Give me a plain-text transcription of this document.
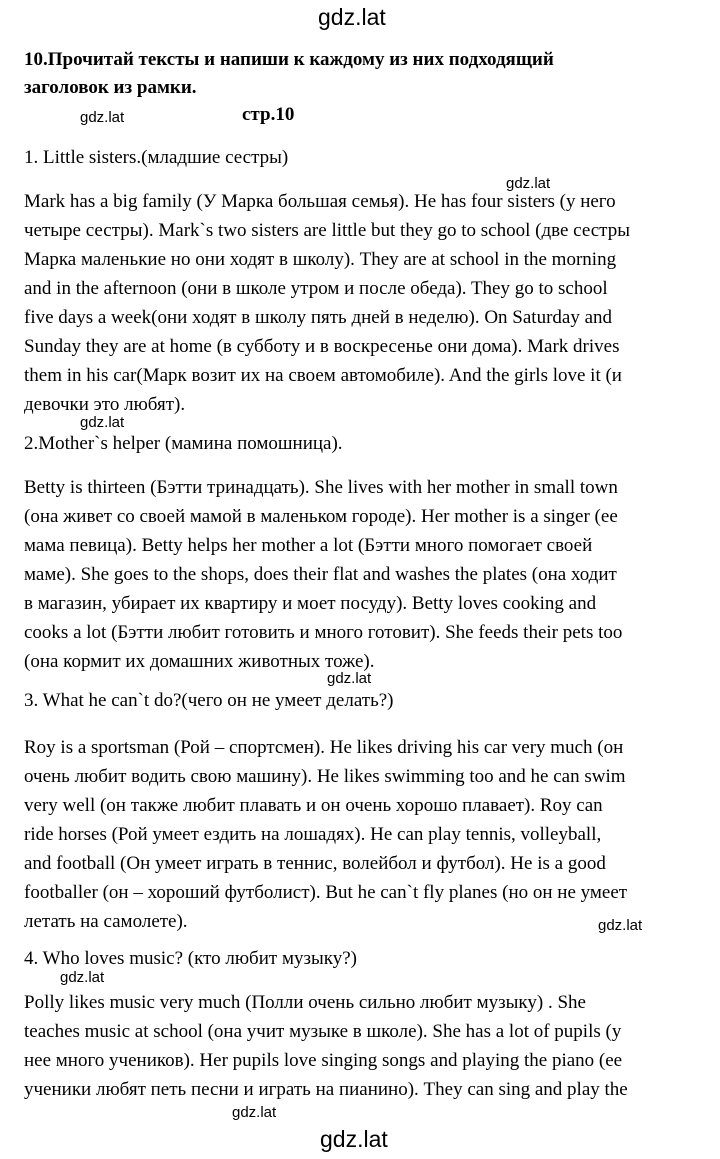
gdz.lat
gdz.lat
gdz.lat
gdz.lat
gdz.lat
gdz.lat
gdz.lat
gdz.lat
gdz.lat
10.Прочитай тексты и напиши к каждому из них подходящий
заголовок из рамки.
стр.10
1. Little sisters.(младшие сестры)
Mark has a big family (У Марка большая семья). He has four sisters (у него
четыре сестры). Mark`s two sisters are little but they go to school (две сестры
Марка маленькие но они ходят в школу). They are at school in the morning
and in the afternoon (они в школе утром и после обеда). They go to school
five days a week(они ходят в школу пять дней в неделю). On Saturday and
Sunday they are at home (в субботу и в воскресенье они дома). Mark drives
them in his car(Марк возит их на своем автомобиле). And the girls love it (и
девочки это любят).
2.Mother`s helper (мамина помошница).
Betty is thirteen (Бэтти тринадцать). She lives with her mother in small town
(она живет со своей мамой в маленьком городе). Her mother is a singer (ее
мама певица). Betty helps her mother a lot (Бэтти много помогает своей
маме). She goes to the shops, does their flat and washes the plates (она ходит
в магазин, убирает их квартиру и моет посуду). Betty loves cooking and
cooks a lot (Бэтти любит готовить и много готовит). She feeds their pets too
(она кормит их домашних животных тоже).
3. What he can`t do?(чего он не умеет делать?)
Roy is a sportsman (Рой – спортсмен). He likes driving his car very much (он
очень любит водить свою машину). He likes swimming too and he can swim
very well (он также любит плавать и он очень хорошо плавает). Roy can
ride horses (Рой умеет ездить на лошадях). He can play tennis, volleyball,
and football (Он умеет играть в теннис, волейбол и футбол). He is a good
footballer (он – хороший футболист). But he can`t fly planes (но он не умеет
летать на самолете).
4. Who loves music? (кто любит музыку?)
Polly likes music very much (Полли очень сильно любит музыку) . She
teaches music at school (она учит музыке в школе). She has a lot of pupils (у
нее много учеников). Her pupils love singing songs and playing the piano (ее
ученики любят петь песни и играть на пианино). They can sing and play the
